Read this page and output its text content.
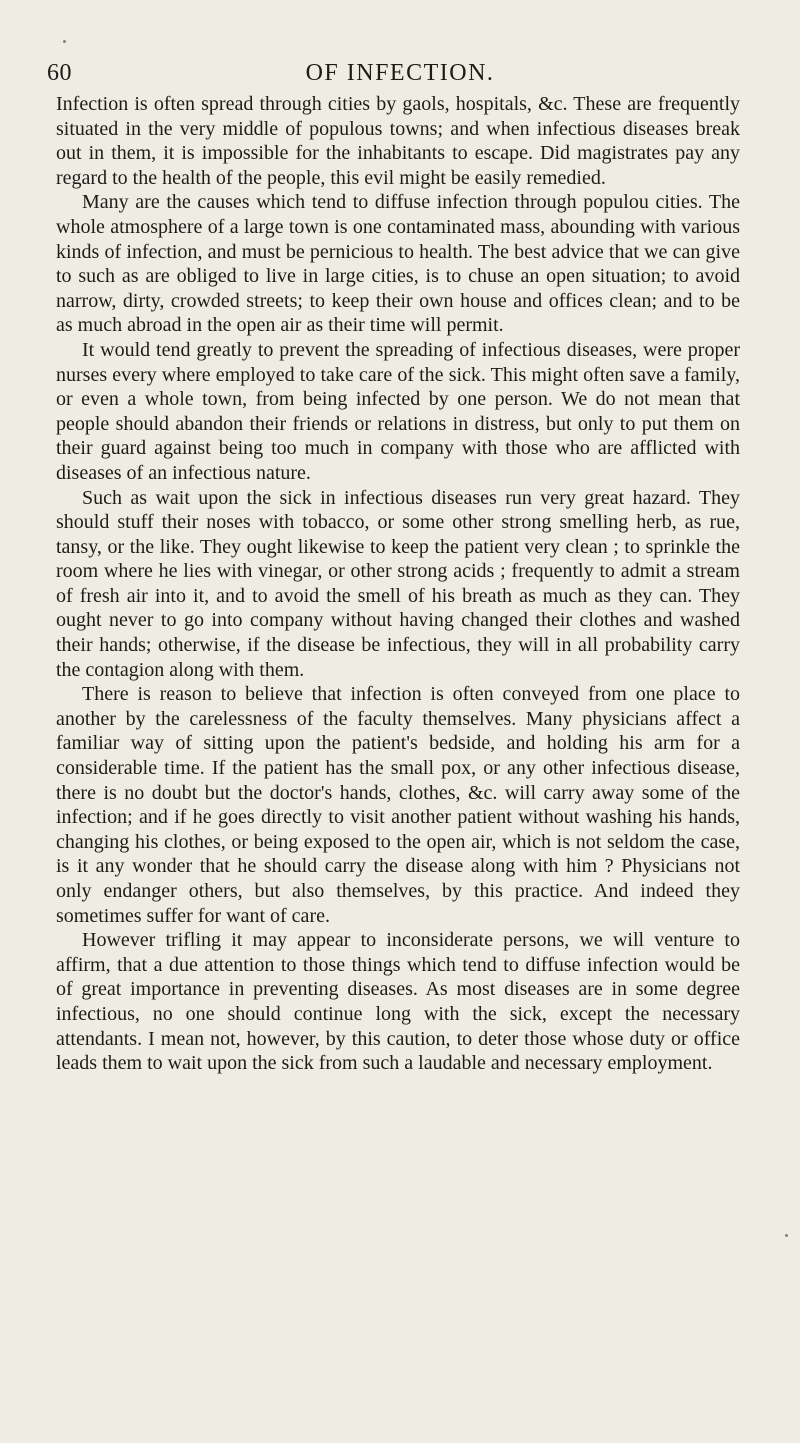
60	OF INFECTION.

Infection is often spread through cities by gaols, hospitals, &c. These are frequently situated in the very middle of populous towns; and when infectious diseases break out in them, it is impossible for the inhabitants to escape. Did magistrates pay any regard to the health of the people, this evil might be easily remedied.

Many are the causes which tend to diffuse infection through populou cities. The whole atmosphere of a large town is one contaminated mass, abounding with various kinds of infection, and must be pernicious to health. The best advice that we can give to such as are obliged to live in large cities, is to chuse an open situation; to avoid narrow, dirty, crowded streets; to keep their own house and offices clean; and to be as much abroad in the open air as their time will permit.

It would tend greatly to prevent the spreading of infectious diseases, were proper nurses every where employed to take care of the sick. This might often save a family, or even a whole town, from being infected by one person. We do not mean that people should abandon their friends or relations in distress, but only to put them on their guard against being too much in company with those who are afflicted with diseases of an infectious nature.

Such as wait upon the sick in infectious diseases run very great hazard. They should stuff their noses with tobacco, or some other strong smelling herb, as rue, tansy, or the like. They ought likewise to keep the patient very clean ; to sprinkle the room where he lies with vinegar, or other strong acids ; frequently to admit a stream of fresh air into it, and to avoid the smell of his breath as much as they can. They ought never to go into company without having changed their clothes and washed their hands; otherwise, if the disease be infectious, they will in all probability carry the contagion along with them.

There is reason to believe that infection is often conveyed from one place to another by the carelessness of the faculty themselves. Many physicians affect a familiar way of sitting upon the patient's bedside, and holding his arm for a considerable time. If the patient has the small pox, or any other infectious disease, there is no doubt but the doctor's hands, clothes, &c. will carry away some of the infection; and if he goes directly to visit another patient without washing his hands, changing his clothes, or being exposed to the open air, which is not seldom the case, is it any wonder that he should carry the disease along with him ? Physicians not only endanger others, but also themselves, by this practice. And indeed they sometimes suffer for want of care.

However trifling it may appear to inconsiderate persons, we will venture to affirm, that a due attention to those things which tend to diffuse infection would be of great importance in preventing diseases. As most diseases are in some degree infectious, no one should continue long with the sick, except the necessary attendants. I mean not, however, by this caution, to deter those whose duty or office leads them to wait upon the sick from such a laudable and necessary employment.
